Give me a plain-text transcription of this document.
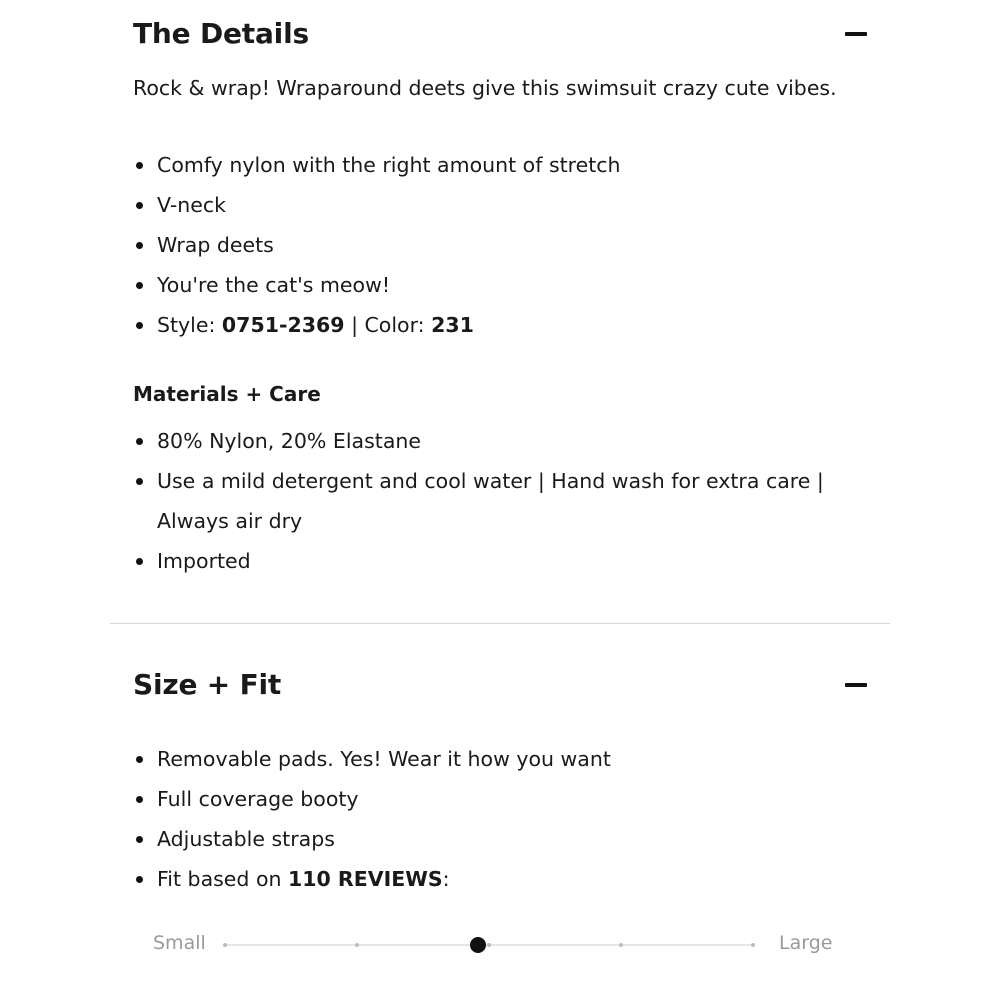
The Details

Rock & wrap! Wraparound deets give this swimsuit crazy cute vibes.

Comfy nylon with the right amount of stretch
V-neck
Wrap deets
You're the cat's meow!
Style: 0751-2369 | Color: 231
Materials + Care
80% Nylon, 20% Elastane
Use a mild detergent and cool water | Hand wash for extra care | Always air dry
Imported
Size + Fit
Removable pads. Yes! Wear it how you want
Full coverage booty
Adjustable straps
Fit based on 110 REVIEWS:
Small	Large
